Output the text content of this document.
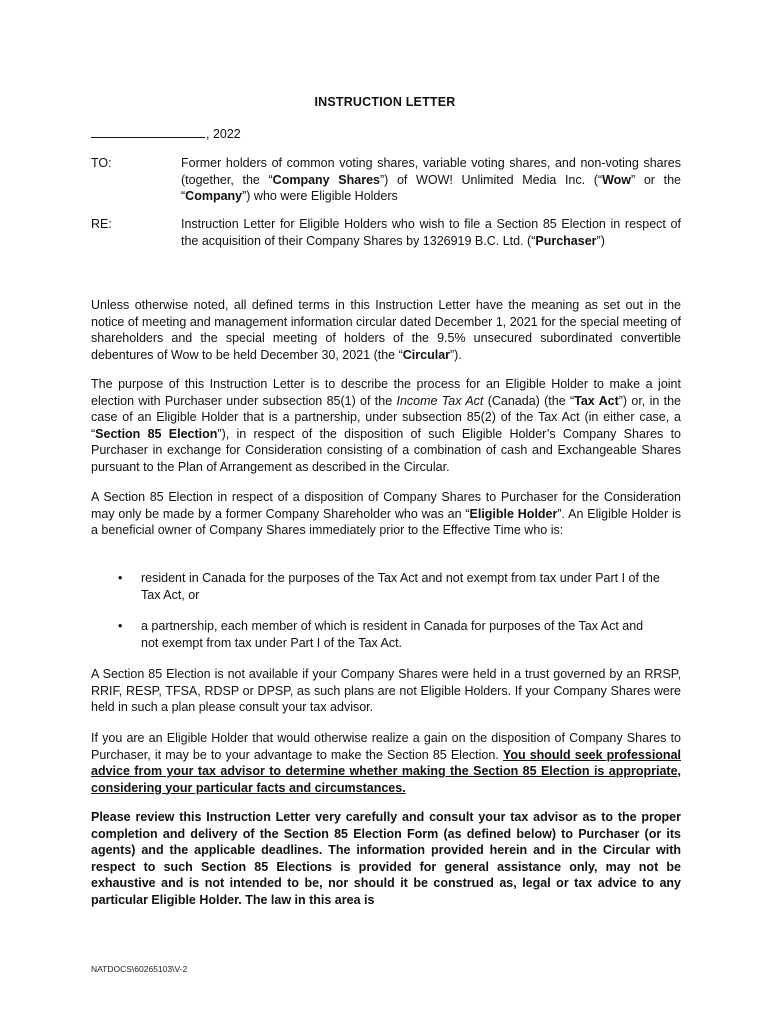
INSTRUCTION LETTER
, 2022
TO:	Former holders of common voting shares, variable voting shares, and non-voting shares (together, the “Company Shares”) of WOW! Unlimited Media Inc. (“Wow” or the “Company”) who were Eligible Holders
RE:	Instruction Letter for Eligible Holders who wish to file a Section 85 Election in respect of the acquisition of their Company Shares by 1326919 B.C. Ltd. (“Purchaser”)
Unless otherwise noted, all defined terms in this Instruction Letter have the meaning as set out in the notice of meeting and management information circular dated December 1, 2021 for the special meeting of shareholders and the special meeting of holders of the 9.5% unsecured subordinated convertible debentures of Wow to be held December 30, 2021 (the “Circular”).
The purpose of this Instruction Letter is to describe the process for an Eligible Holder to make a joint election with Purchaser under subsection 85(1) of the Income Tax Act (Canada) (the “Tax Act”) or, in the case of an Eligible Holder that is a partnership, under subsection 85(2) of the Tax Act (in either case, a “Section 85 Election”), in respect of the disposition of such Eligible Holder’s Company Shares to Purchaser in exchange for Consideration consisting of a combination of cash and Exchangeable Shares pursuant to the Plan of Arrangement as described in the Circular.
A Section 85 Election in respect of a disposition of Company Shares to Purchaser for the Consideration may only be made by a former Company Shareholder who was an “Eligible Holder”. An Eligible Holder is a beneficial owner of Company Shares immediately prior to the Effective Time who is:
• resident in Canada for the purposes of the Tax Act and not exempt from tax under Part I of the Tax Act, or
• a partnership, each member of which is resident in Canada for purposes of the Tax Act and not exempt from tax under Part I of the Tax Act.
A Section 85 Election is not available if your Company Shares were held in a trust governed by an RRSP, RRIF, RESP, TFSA, RDSP or DPSP, as such plans are not Eligible Holders. If your Company Shares were held in such a plan please consult your tax advisor.
If you are an Eligible Holder that would otherwise realize a gain on the disposition of Company Shares to Purchaser, it may be to your advantage to make the Section 85 Election. You should seek professional advice from your tax advisor to determine whether making the Section 85 Election is appropriate, considering your particular facts and circumstances.
Please review this Instruction Letter very carefully and consult your tax advisor as to the proper completion and delivery of the Section 85 Election Form (as defined below) to Purchaser (or its agents) and the applicable deadlines. The information provided herein and in the Circular with respect to such Section 85 Elections is provided for general assistance only, may not be exhaustive and is not intended to be, nor should it be construed as, legal or tax advice to any particular Eligible Holder. The law in this area is
NATDOCS\60265103\V-2
